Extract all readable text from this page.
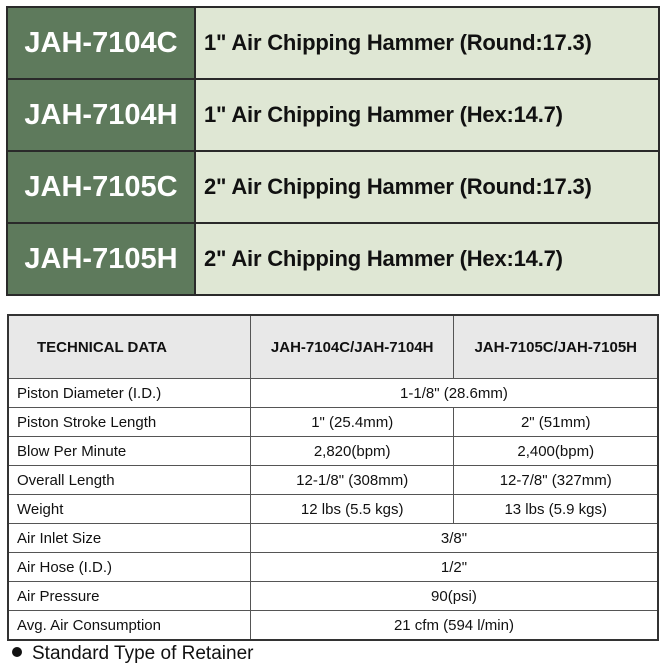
JAH-7104C	1" Air Chipping Hammer (Round:17.3)
JAH-7104H	1" Air Chipping Hammer (Hex:14.7)
JAH-7105C	2" Air Chipping Hammer (Round:17.3)
JAH-7105H	2" Air Chipping Hammer (Hex:14.7)
TECHNICAL DATA	JAH-7104C/JAH-7104H	JAH-7105C/JAH-7105H
Piston Diameter (I.D.)	1-1/8" (28.6mm)	
Piston Stroke Length	1" (25.4mm)	2" (51mm)
Blow Per Minute	2,820(bpm)	2,400(bpm)
Overall Length	12-1/8" (308mm)	12-7/8" (327mm)
Weight	12 lbs (5.5 kgs)	13 lbs (5.9 kgs)
Air Inlet Size	3/8"	
Air Hose (I.D.)	1/2"	
Air Pressure	90(psi)	
Avg. Air Consumption	21 cfm (594 l/min)	
Standard Type of Retainer
